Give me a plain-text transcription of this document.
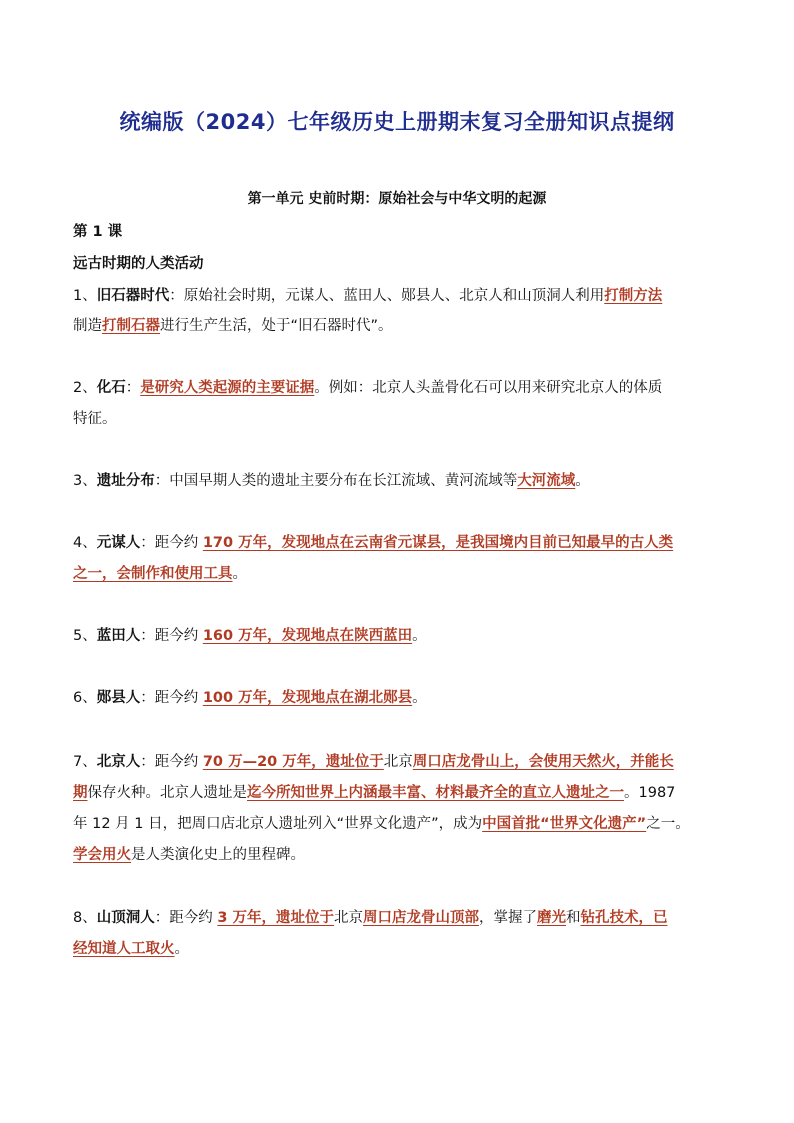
统编版（2024）七年级历史上册期末复习全册知识点提纲
第一单元 史前时期：原始社会与中华文明的起源
第 1 课
远古时期的人类活动
1、旧石器时代：原始社会时期，元谋人、蓝田人、郧县人、北京人和山顶洞人利用打制方法
制造打制石器进行生产生活，处于“旧石器时代”。
2、化石：是研究人类起源的主要证据。例如：北京人头盖骨化石可以用来研究北京人的体质
特征。
3、遗址分布：中国早期人类的遗址主要分布在长江流域、黄河流域等大河流域。
4、元谋人：距今约 170 万年，发现地点在云南省元谋县，是我国境内目前已知最早的古人类
之一，会制作和使用工具。
5、蓝田人：距今约 160 万年，发现地点在陕西蓝田。
6、郧县人：距今约 100 万年，发现地点在湖北郧县。
7、北京人：距今约 70 万—20 万年，遗址位于北京周口店龙骨山上，会使用天然火，并能长
期保存火种。北京人遗址是迄今所知世界上内涵最丰富、材料最齐全的直立人遗址之一。1987
年 12 月 1 日，把周口店北京人遗址列入“世界文化遗产”，成为中国首批“世界文化遗产”之一。
学会用火是人类演化史上的里程碑。
8、山顶洞人：距今约 3 万年，遗址位于北京周口店龙骨山顶部，掌握了磨光和钻孔技术，已
经知道人工取火。
